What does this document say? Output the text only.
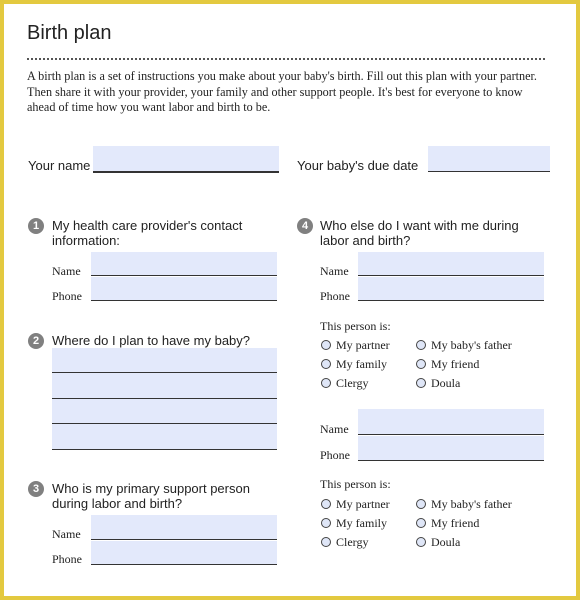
Birth plan
A birth plan is a set of instructions you make about your baby's birth. Fill out this plan with your partner. Then share it with your provider, your family and other support people. It's best for everyone to know ahead of time how you want labor and birth to be.
Your name	Your baby's due date
1 My health care provider's contact information:
Name
Phone
2 Where do I plan to have my baby?
3 Who is my primary support person during labor and birth?
Name
Phone
4 Who else do I want with me during labor and birth?
Name
Phone
This person is:
My partner	My baby's father
My family	My friend
Clergy	Doula
Name
Phone
This person is:
My partner	My baby's father
My family	My friend
Clergy	Doula
